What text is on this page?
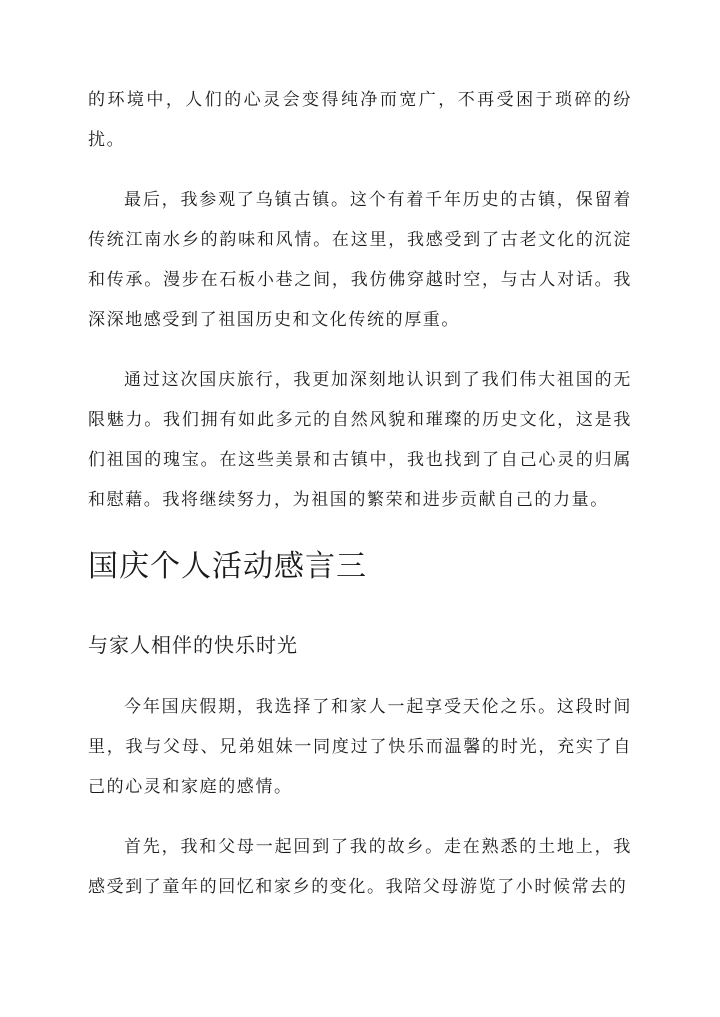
的环境中，人们的心灵会变得纯净而宽广，不再受困于琐碎的纷扰。

最后，我参观了乌镇古镇。这个有着千年历史的古镇，保留着传统江南水乡的韵味和风情。在这里，我感受到了古老文化的沉淀和传承。漫步在石板小巷之间，我仿佛穿越时空，与古人对话。我深深地感受到了祖国历史和文化传统的厚重。

通过这次国庆旅行，我更加深刻地认识到了我们伟大祖国的无限魅力。我们拥有如此多元的自然风貌和璀璨的历史文化，这是我们祖国的瑰宝。在这些美景和古镇中，我也找到了自己心灵的归属和慰藉。我将继续努力，为祖国的繁荣和进步贡献自己的力量。

国庆个人活动感言三
与家人相伴的快乐时光

今年国庆假期，我选择了和家人一起享受天伦之乐。这段时间里，我与父母、兄弟姐妹一同度过了快乐而温馨的时光，充实了自己的心灵和家庭的感情。

首先，我和父母一起回到了我的故乡。走在熟悉的土地上，我感受到了童年的回忆和家乡的变化。我陪父母游览了小时候常去的
